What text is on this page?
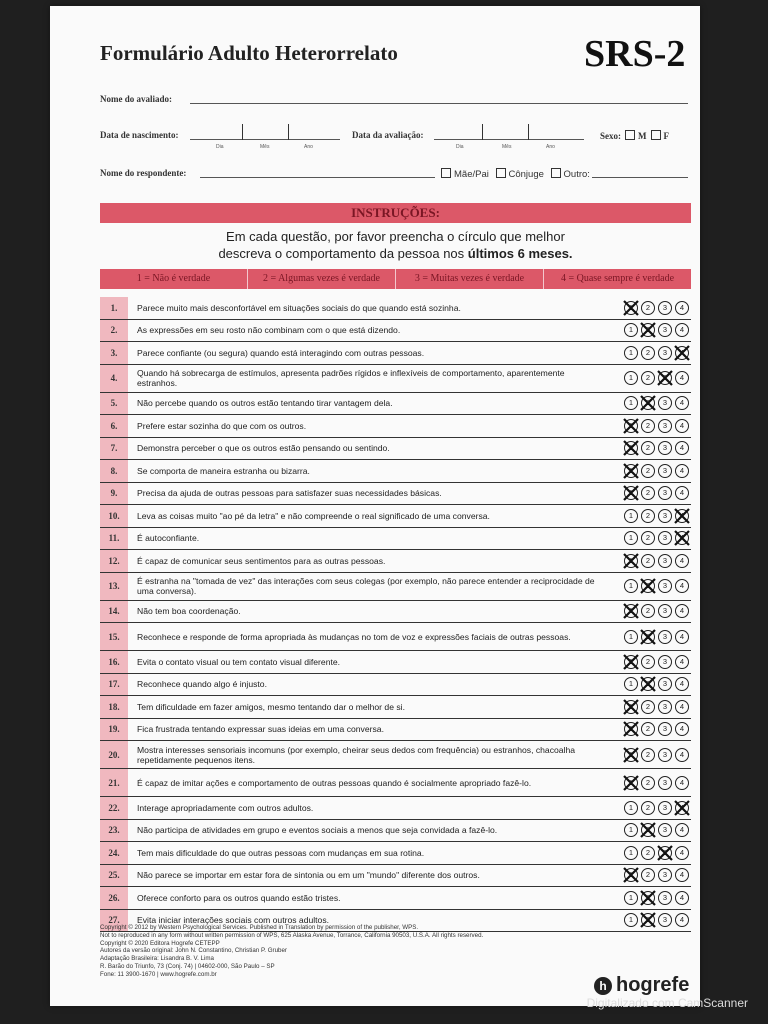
Formulário Adulto Heterorrelato	SRS-2
Nome do avaliado:
Data de nascimento:
Dia	Mês	Ano
Data da avaliação:
Dia	Mês	Ano
Sexo: M F
Nome do respondente:	Mãe/Pai Cônjuge Outro:
INSTRUÇÕES:
Em cada questão, por favor preencha o círculo que melhor
descreva o comportamento da pessoa nos últimos 6 meses.
1 = Não é verdade	2 = Algumas vezes é verdade	3 = Muitas vezes é verdade	4 = Quase sempre é verdade
1.	Parece muito mais desconfortável em situações sociais do que quando está sozinha.	1	2	3	4
2.	As expressões em seu rosto não combinam com o que está dizendo.	1	2	3	4
3.	Parece confiante (ou segura) quando está interagindo com outras pessoas.	1	2	3	4
4.	Quando há sobrecarga de estímulos, apresenta padrões rígidos e inflexíveis de comportamento, aparentemente estranhos.
1	2	3	4
5.	Não percebe quando os outros estão tentando tirar vantagem dela.	1	2	3	4
6.	Prefere estar sozinha do que com os outros.	1	2	3	4
7.	Demonstra perceber o que os outros estão pensando ou sentindo.	1	2	3	4
8.	Se comporta de maneira estranha ou bizarra.	1	2	3	4
9.	Precisa da ajuda de outras pessoas para satisfazer suas necessidades básicas.	1	2	3	4
10.	Leva as coisas muito "ao pé da letra" e não compreende o real significado de uma conversa.	1	2	3	4
11.	É autoconfiante.	1	2	3	4
12.	É capaz de comunicar seus sentimentos para as outras pessoas.	1	2	3	4
13.	É estranha na "tomada de vez" das interações com seus colegas (por exemplo, não parece entender a reciprocidade de uma conversa).
1	2	3	4
14.	Não tem boa coordenação.	1	2	3	4
15.	Reconhece e responde de forma apropriada às mudanças no tom de voz e expressões faciais de outras pessoas.	1	2	3	4
16.	Evita o contato visual ou tem contato visual diferente.	1	2	3	4
17.	Reconhece quando algo é injusto.	1	2	3	4
18.	Tem dificuldade em fazer amigos, mesmo tentando dar o melhor de si.	1	2	3	4
19.	Fica frustrada tentando expressar suas ideias em uma conversa.	1	2	3	4
20.	Mostra interesses sensoriais incomuns (por exemplo, cheirar seus dedos com frequência) ou estranhos, chacoalha repetidamente pequenos itens.
1	2	3	4
21.	É capaz de imitar ações e comportamento de outras pessoas quando é socialmente apropriado fazê-lo.	1	2	3	4
22.	Interage apropriadamente com outros adultos.	1	2	3	4
23.	Não participa de atividades em grupo e eventos sociais a menos que seja convidada a fazê-lo.	1	2	3	4
24.	Tem mais dificuldade do que outras pessoas com mudanças em sua rotina.	1	2	3	4
25.	Não parece se importar em estar fora de sintonia ou em um "mundo" diferente dos outros.	1	2	3	4
26.	Oferece conforto para os outros quando estão tristes.	1	2	3	4
27.	Evita iniciar interações sociais com outros adultos.	1	2	3	4
Copyright © 2012 by Western Psychological Services. Published in Translation by permission of the publisher, WPS.
Not to reproduced in any form without written permission of WPS, 625 Alaska Avenue, Torrance, California 90503, U.S.A. All rights reserved.
Copyright © 2020 Editora Hogrefe CETEPP
Autores da versão original: John N. Constantino, Christian P. Gruber
Adaptação Brasileira: Lisandra B. V. Lima
R. Barão do Triunfo, 73 (Conj. 74) | 04602-000, São Paulo – SP
Fone: 11 3900-1670 | www.hogrefe.com.br
h hogrefe
Digitalizado com CamScanner
